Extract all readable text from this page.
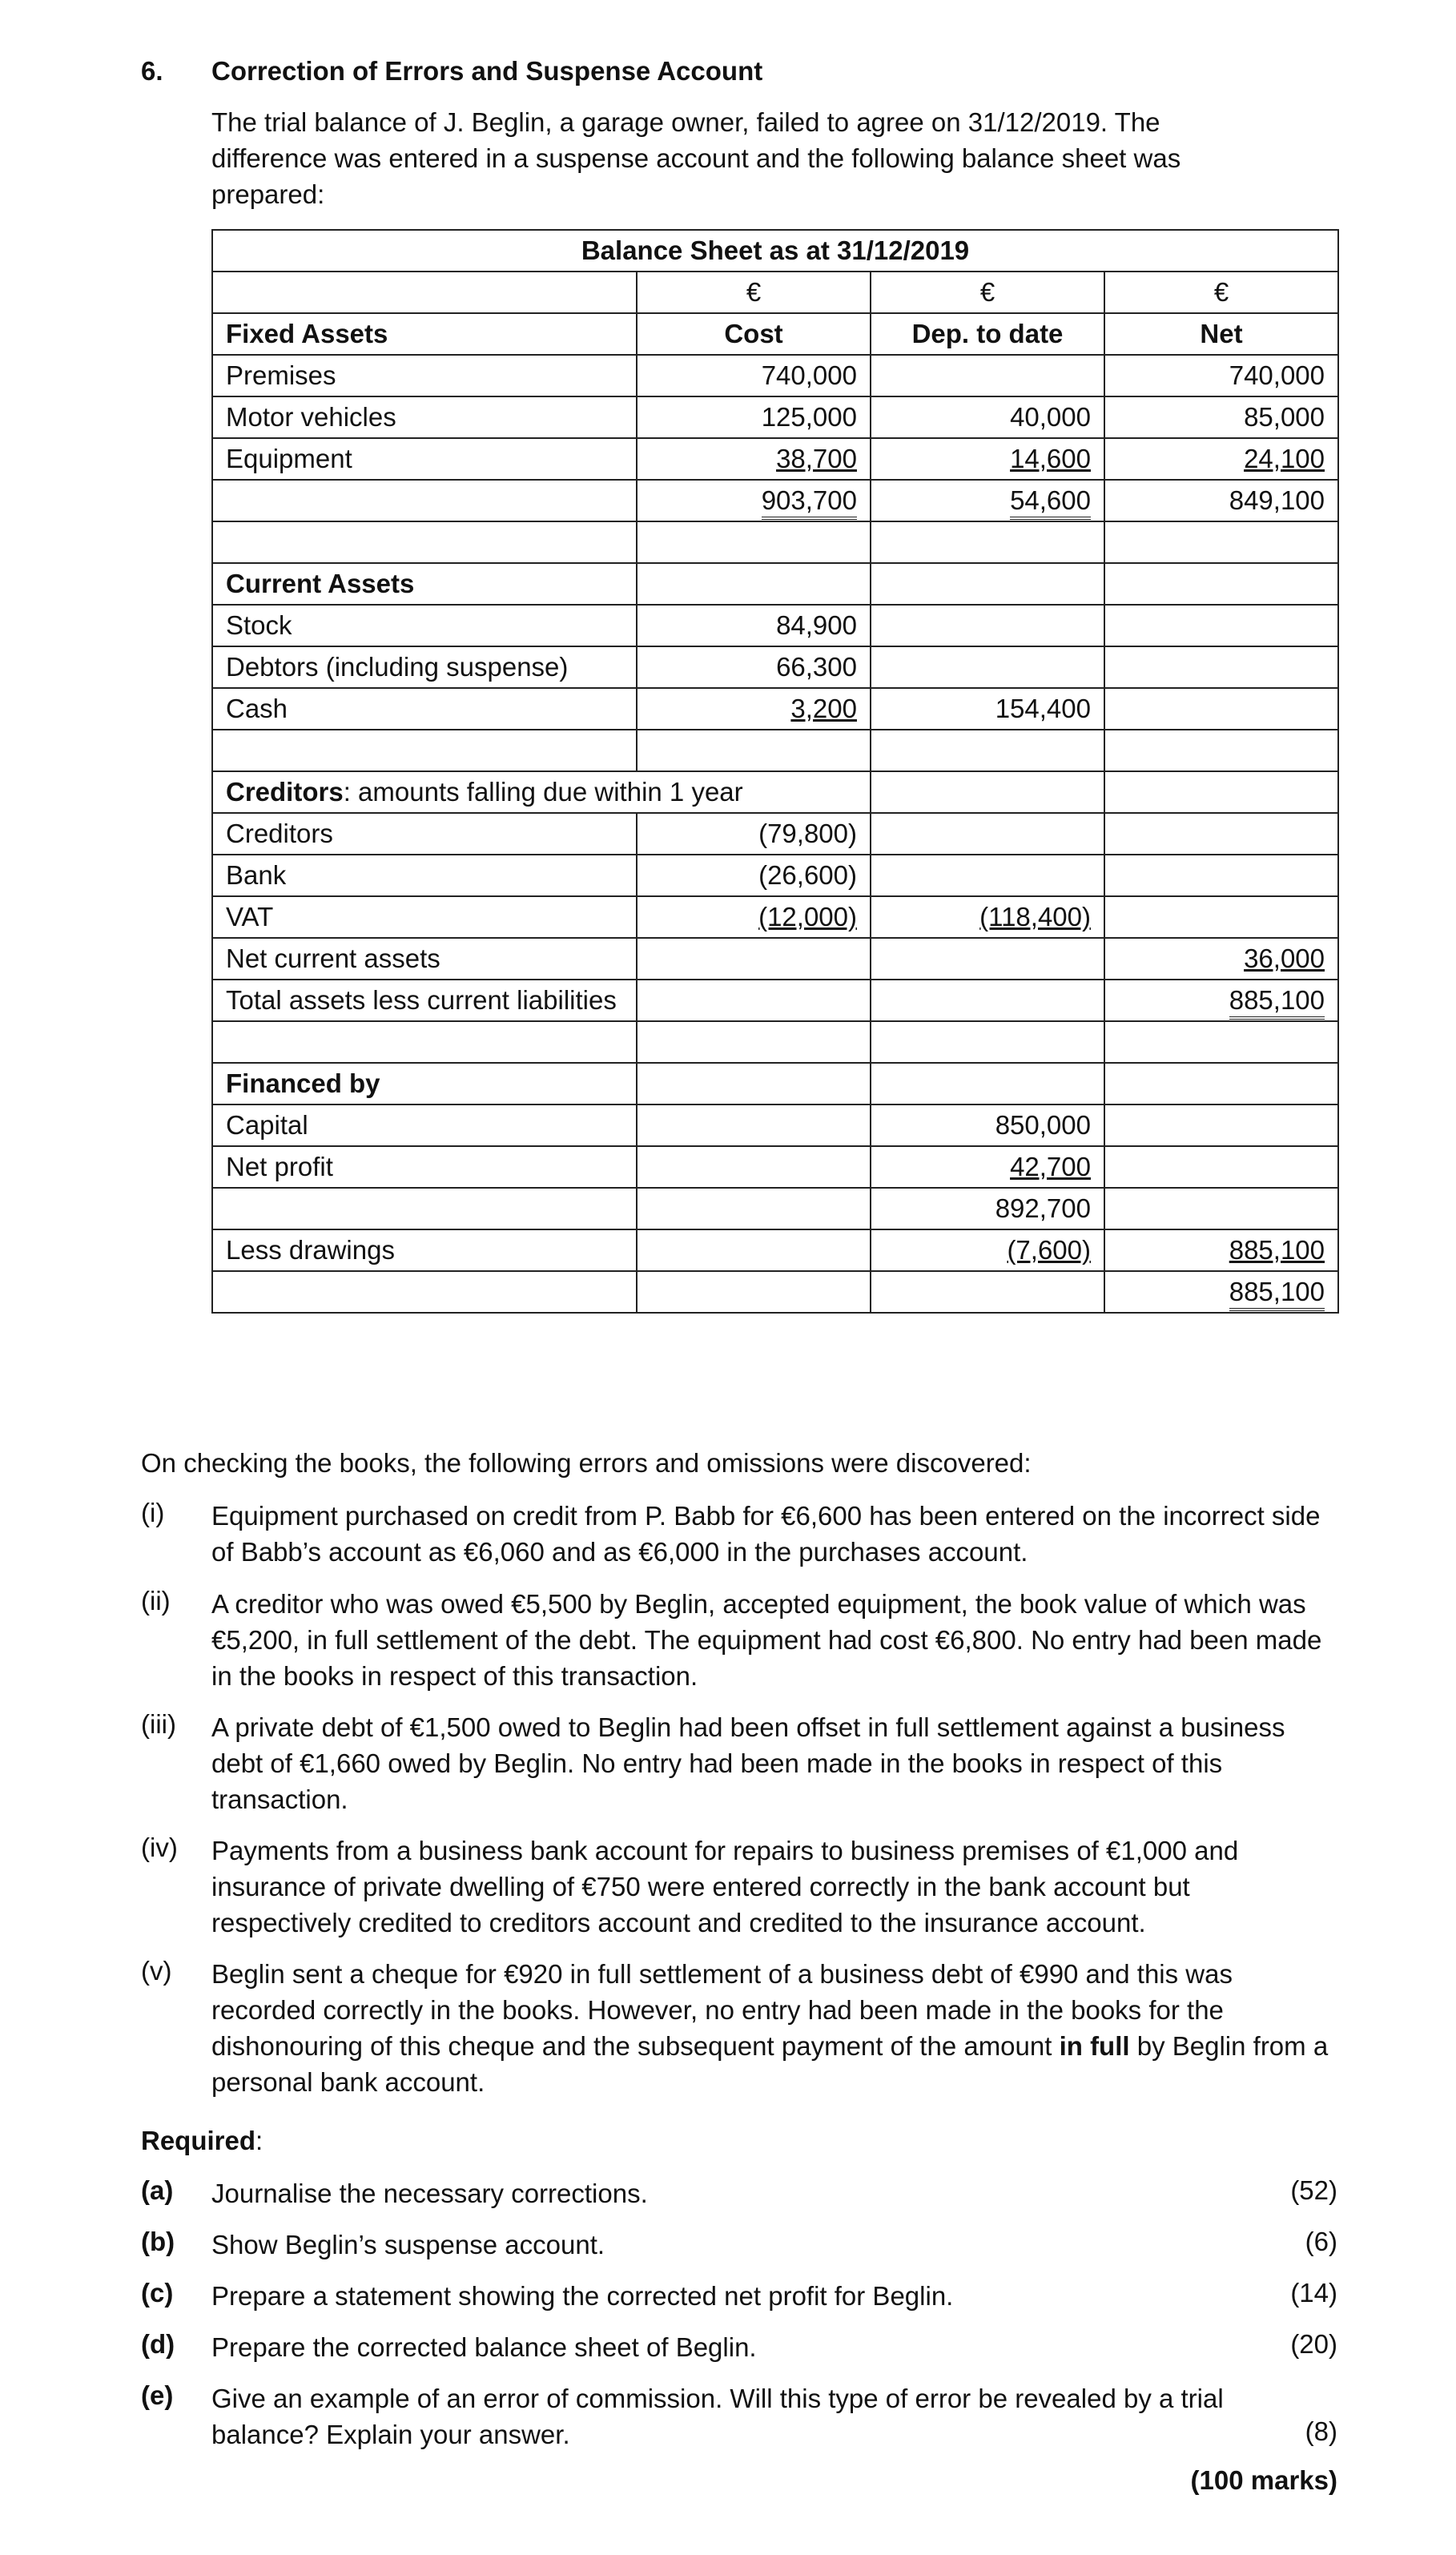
6. Correction of Errors and Suspense Account
The trial balance of J. Beglin, a garage owner, failed to agree on 31/12/2019. The difference was entered in a suspense account and the following balance sheet was prepared:
Balance Sheet as at 31/12/2019			
	€	€	€
Fixed Assets	Cost	Dep. to date	Net
Premises	740,000		740,000
Motor vehicles	125,000	40,000	85,000
Equipment	38,700	14,600	24,100
	903,700	54,600	849,100

Current Assets			
Stock	84,900		
Debtors (including suspense)	66,300		
Cash	3,200	154,400	

Creditors: amounts falling due within 1 year			
Creditors	(79,800)		
Bank	(26,600)		
VAT	(12,000)	(118,400)	
Net current assets			36,000
Total assets less current liabilities			885,100

Financed by			
Capital		850,000	
Net profit		42,700	
		892,700	
Less drawings		(7,600)	885,100
			885,100
On checking the books, the following errors and omissions were discovered:
(i) Equipment purchased on credit from P. Babb for €6,600 has been entered on the incorrect side of Babb’s account as €6,060 and as €6,000 in the purchases account.
(ii) A creditor who was owed €5,500 by Beglin, accepted equipment, the book value of which was €5,200, in full settlement of the debt. The equipment had cost €6,800. No entry had been made in the books in respect of this transaction.
(iii) A private debt of €1,500 owed to Beglin had been offset in full settlement against a business debt of €1,660 owed by Beglin. No entry had been made in the books in respect of this transaction.
(iv) Payments from a business bank account for repairs to business premises of €1,000 and insurance of private dwelling of €750 were entered correctly in the bank account but respectively credited to creditors account and credited to the insurance account.
(v) Beglin sent a cheque for €920 in full settlement of a business debt of €990 and this was recorded correctly in the books. However, no entry had been made in the books for the dishonouring of this cheque and the subsequent payment of the amount in full by Beglin from a personal bank account.
Required:
(a) Journalise the necessary corrections.	(52)
(b) Show Beglin’s suspense account.	(6)
(c) Prepare a statement showing the corrected net profit for Beglin.	(14)
(d) Prepare the corrected balance sheet of Beglin.	(20)
(e) Give an example of an error of commission. Will this type of error be revealed by a trial balance? Explain your answer.	(8)
(100 marks)
